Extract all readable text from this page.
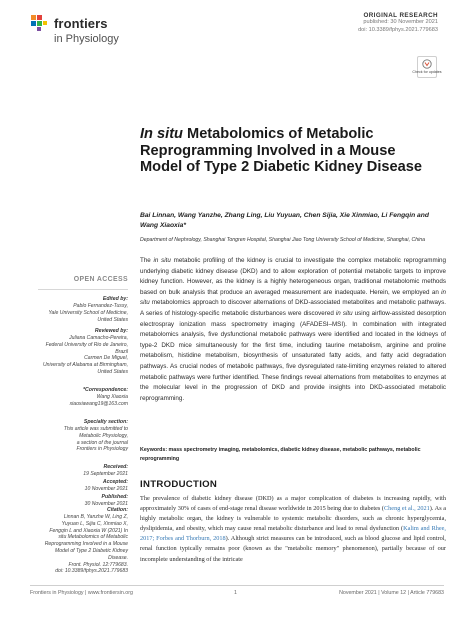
frontiers
in Physiology
ORIGINAL RESEARCH
published: 30 November 2021
doi: 10.3389/fphys.2021.779683
Check for updates
In situ Metabolomics of Metabolic Reprogramming Involved in a Mouse Model of Type 2 Diabetic Kidney Disease
Bai Linnan, Wang Yanzhe, Zhang Ling, Liu Yuyuan, Chen Sijia, Xie Xinmiao, Li Fengqin and Wang Xiaoxia*
Department of Nephrology, Shanghai Tongren Hospital, Shanghai Jiao Tong University School of Medicine, Shanghai, China
The in situ metabolic profiling of the kidney is crucial to investigate the complex metabolic reprogramming underlying diabetic kidney disease (DKD) and to allow exploration of potential metabolic targets to improve kidney function. However, as the kidney is a highly heterogeneous organ, traditional metabolomic methods based on bulk analysis that produce an averaged measurement are inadequate. Herein, we employed an in situ metabolomics approach to discover alternations of DKD-associated metabolites and metabolic pathways. A series of histology-specific metabolic disturbances were discovered in situ using airflow-assisted desorption electrospray ionization mass spectrometry imaging (AFADESI–MSI). In combination with integrated metabolomics analysis, five dysfunctional metabolic pathways were identified and located in the kidneys of type-2 DKD mice simultaneously for the first time, including taurine metabolism, arginine and proline metabolism, histidine metabolism, biosynthesis of unsaturated fatty acids, and fatty acid degradation pathways. As crucial nodes of metabolic pathways, five dysregulated rate-limiting enzymes related to altered metabolic pathways were further identified. These findings reveal alternations from metabolites to enzymes at the molecular level in the progression of DKD and provide insights into DKD-associated metabolic reprogramming.
Keywords: mass spectrometry imaging, metabolomics, diabetic kidney disease, metabolic pathways, metabolic reprogramming
INTRODUCTION
The prevalence of diabetic kidney disease (DKD) as a major complication of diabetes is increasing rapidly, with approximately 30% of cases of end-stage renal disease worldwide in 2015 being due to diabetes (Cheng et al., 2021). As a highly metabolic organ, the kidney is vulnerable to systemic metabolic disorders, such as chronic hyperglycemia, dyslipidemia, and obesity, which may cause renal metabolic disturbance and lead to renal dysfunction (Kalim and Rhee, 2017; Forbes and Thorburn, 2018). Although strict measures can be introduced, such as blood glucose and lipid control, renal function typically remains poor (known as the "metabolic memory" phenomenon), partially because of our incomplete understanding of the intricate
OPEN ACCESS
Edited by:
Pablo Fernandez-Tussy,
Yale University School of Medicine,
United States
Reviewed by:
Juliana Camacho-Pereira,
Federal University of Rio de Janeiro,
Brazil
Carmen De Miguel,
University of Alabama at Birmingham,
United States
*Correspondence:
Wang Xiaoxia
xiaoxiawang19@163.com
Specialty section:
This article was submitted to
Metabolic Physiology,
a section of the journal
Frontiers in Physiology
Received:
19 September 2021
Accepted:
10 November 2021
Published:
30 November 2021
Citation:
Linnan B, Yanzhe W, Ling Z,
Yuyuan L, Sijia C, Xinmiao X,
Fengqin L and Xiaoxia W (2021) In
situ Metabolomics of Metabolic
Reprogramming Involved in a Mouse
Model of Type 2 Diabetic Kidney
Disease.
Front. Physiol. 12:779683.
doi: 10.3389/fphys.2021.779683
Frontiers in Physiology | www.frontiersin.org	1	November 2021 | Volume 12 | Article 779683
